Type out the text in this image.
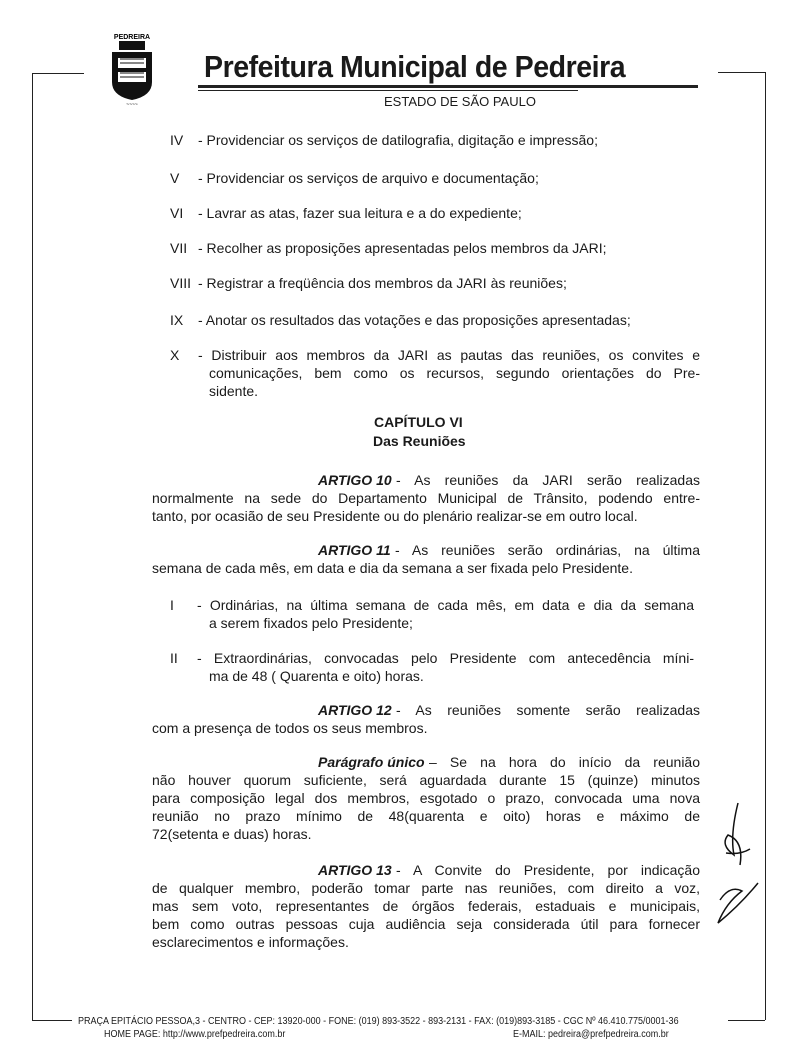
PEDREIRA
~~~~
Prefeitura Municipal de Pedreira
ESTADO DE SÃO PAULO
IV - Providenciar os serviços de datilografia, digitação e impressão;
V - Providenciar os serviços de arquivo e documentação;
VI - Lavrar as atas, fazer sua leitura e a do expediente;
VII - Recolher as proposições apresentadas pelos membros da JARI;
VIII - Registrar a freqüência dos membros da JARI às reuniões;
IX - Anotar os resultados das votações e das proposições apresentadas;
X - Distribuir aos membros da JARI as pautas das reuniões, os convites e
comunicações, bem como os recursos, segundo orientações do Pre-
sidente.
CAPÍTULO VI
Das Reuniões
ARTIGO 10 - As reuniões da JARI serão realizadas
normalmente na sede do Departamento Municipal de Trânsito, podendo entre-
tanto, por ocasião de seu Presidente ou do plenário realizar-se em outro local.
ARTIGO 11 - As reuniões serão ordinárias, na última
semana de cada mês, em data e dia da semana a ser fixada pelo Presidente.
ARTIGO 12 - As reuniões somente serão realizadas
com a presença de todos os seus membros.
Parágrafo único – Se na hora do início da reunião
não houver quorum suficiente, será aguardada durante 15 (quinze) minutos
para composição legal dos membros, esgotado o prazo, convocada uma nova
reunião no prazo mínimo de 48(quarenta e oito) horas e máximo de
72(setenta e duas) horas.
ARTIGO 13 - A Convite do Presidente, por indicação
de qualquer membro, poderão tomar parte nas reuniões, com direito a voz,
mas sem voto, representantes de órgãos federais, estaduais e municipais,
bem como outras pessoas cuja audiência seja considerada útil para fornecer
esclarecimentos e informações.
I - Ordinárias, na última semana de cada mês, em data e dia da semana
a serem fixados pelo Presidente;
II - Extraordinárias, convocadas pelo Presidente com antecedência míni-
ma de 48 ( Quarenta e oito) horas.
PRAÇA EPITÁCIO PESSOA,3 - CENTRO - CEP: 13920-000 - FONE: (019) 893-3522 - 893-2131 - FAX: (019)893-3185 - CGC Nº 46.410.775/0001-36
HOME PAGE: http://www.prefpedreira.com.br	E-MAIL: pedreira@prefpedreira.com.br
